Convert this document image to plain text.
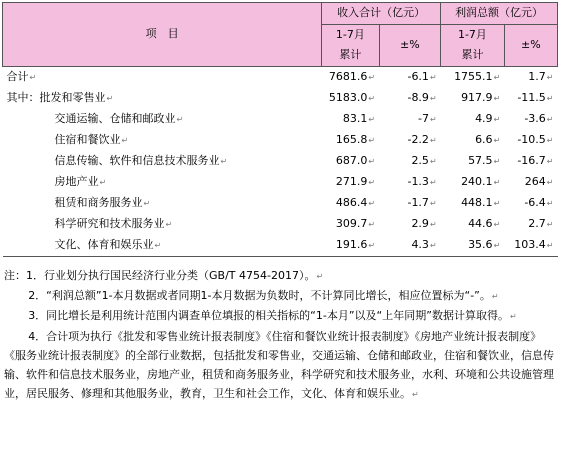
项　目	收入合计（亿元）		利润总额（亿元）	
	1-7月	±%	1-7月	±%
	累计		累计	
合计↵	7681.6↵	-6.1↵	1755.1↵	1.7↵
其中：批发和零售业↵	5183.0↵	-8.9↵	917.9↵	-11.5↵
交通运输、仓储和邮政业↵	83.1↵	-7↵	4.9↵	-3.6↵
住宿和餐饮业↵	165.8↵	-2.2↵	6.6↵	-10.5↵
信息传输、软件和信息技术服务业↵	687.0↵	2.5↵	57.5↵	-16.7↵
房地产业↵	271.9↵	-1.3↵	240.1↵	264↵
租赁和商务服务业↵	486.4↵	-1.7↵	448.1↵	-6.4↵
科学研究和技术服务业↵	309.7↵	2.9↵	44.6↵	2.7↵
文化、体育和娱乐业↵	191.6↵	4.3↵	35.6↵	103.4↵

注：1．行业划分执行国民经济行业分类（GB/T 4754-2017）。↵

2．“利润总额”1-本月数据或者同期1-本月数据为负数时，不计算同比增长，相应位置标为“-”。↵

3．同比增长是利用统计范围内调查单位填报的相关指标的“1-本月”以及“上年同期”数据计算取得。↵

4．合计项为执行《批发和零售业统计报表制度》《住宿和餐饮业统计报表制度》《房地产业统计报表制度》《服务业统计报表制度》的全部行业数据，包括批发和零售业，交通运输、仓储和邮政业，住宿和餐饮业，信息传输、软件和信息技术服务业，房地产业，租赁和商务服务业，科学研究和技术服务业，水利、环境和公共设施管理业，居民服务、修理和其他服务业，教育，卫生和社会工作，文化、体育和娱乐业。↵
